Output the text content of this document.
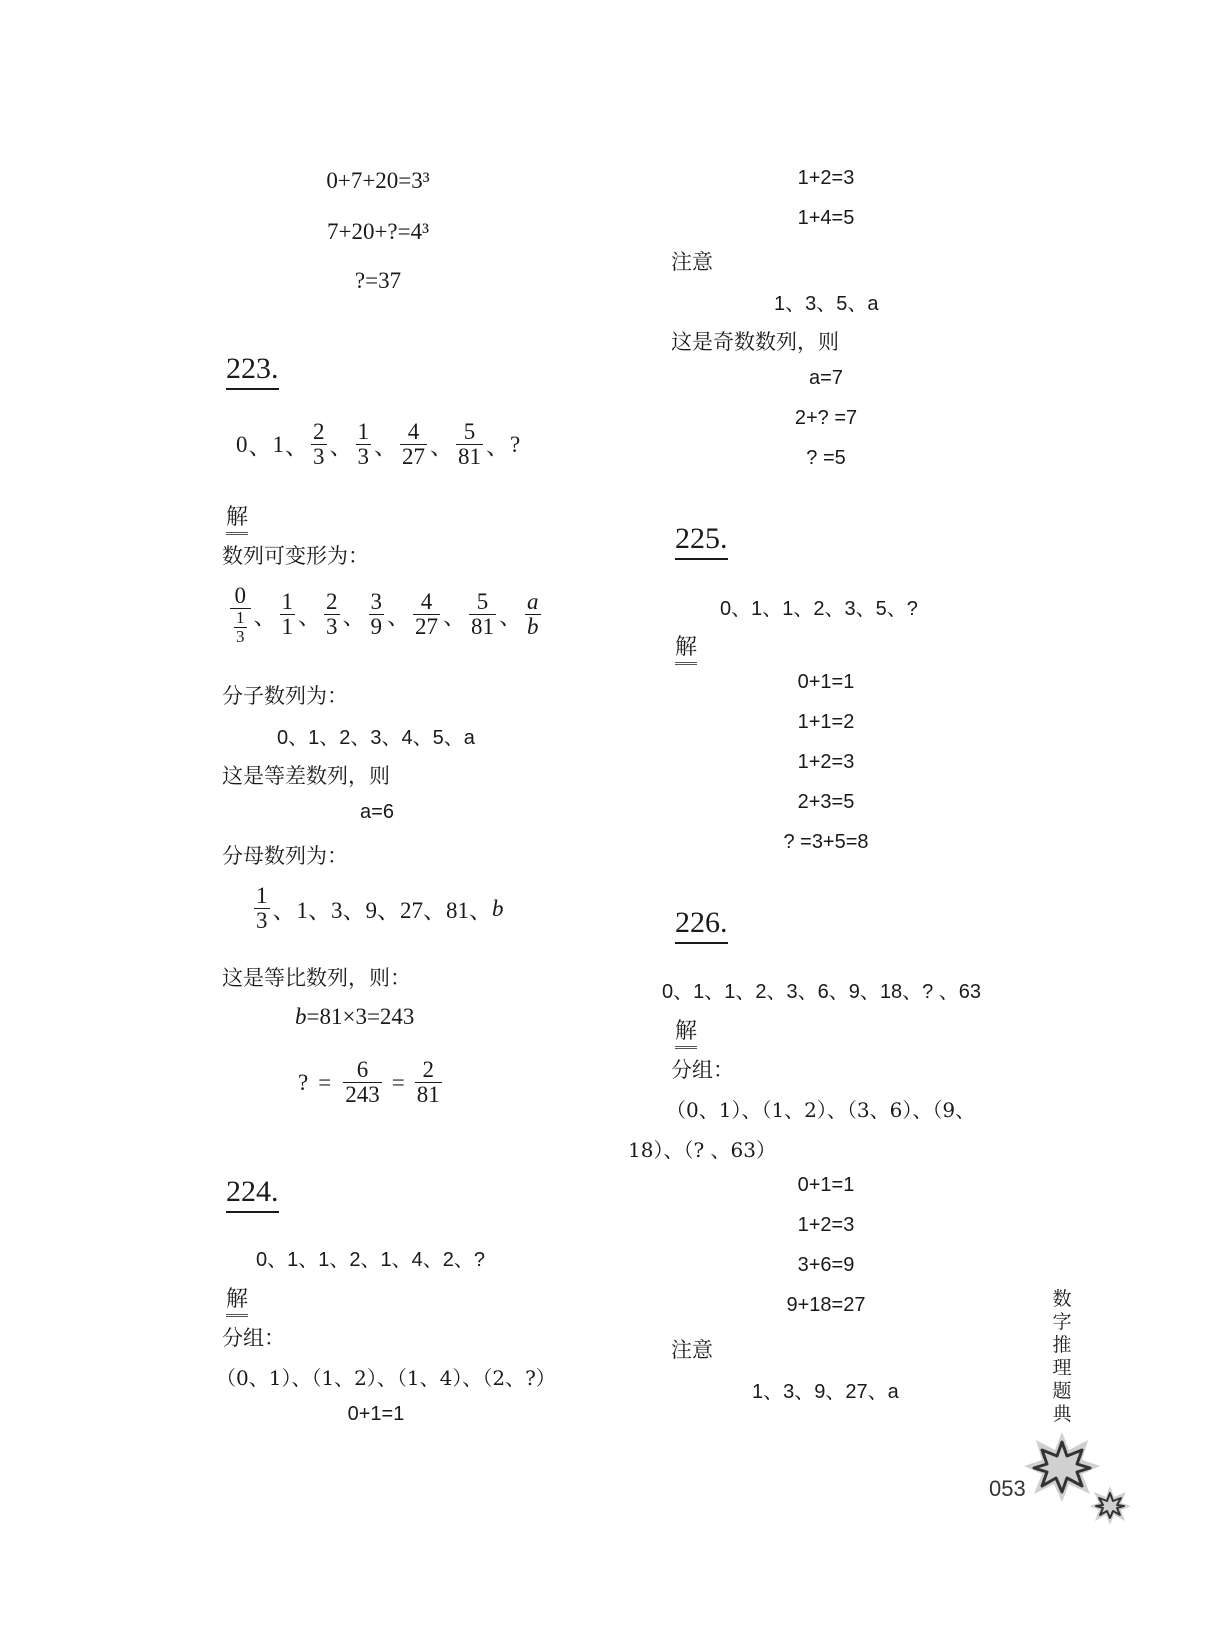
0+7+20=3³
7+20+?=4³
?=37
223.
0 、 1 、 $\frac{2}{3}$ 、 $\frac{1}{3}$ 、 $\frac{4}{27}$ 、 $\frac{5}{81}$ 、 ?
解
数列可变形为：
$\frac{0}{\frac{1}{3}}$ 、 $\frac{1}{1}$ 、 $\frac{2}{3}$ 、 $\frac{3}{9}$ 、 $\frac{4}{27}$ 、 $\frac{5}{81}$ 、 $\frac{a}{b}$
分子数列为：
0、1、2、3、4、5、a
这是等差数列，则
a=6
分母数列为：
$\frac{1}{3}$ 、 1、3、9、27、81、 b
这是等比数列，则：
b =81×3=243
? = $\frac{6}{243} = \frac{2}{81}$
224.
0、1、1、2、1、4、2、?
解
分组：
（0、1）、（1、2）、（1、4）、（2、?）
0+1=1
1+2=3
1+4=5
注意
1、3、5、a
这是奇数数列，则
a=7
2+? =7
? =5
225.
0、1、1、2、3、5、?
解
0+1=1
1+1=2
1+2=3
2+3=5
? =3+5=8
226.
0、1、1、2、3、6、9、18、? 、63
解
分组：
（0、1）、（1、2）、（3、6）、（9、
18）、（? 、63）
0+1=1
1+2=3
3+6=9
9+18=27
注意
1、3、9、27、a
数字推理题典
053
